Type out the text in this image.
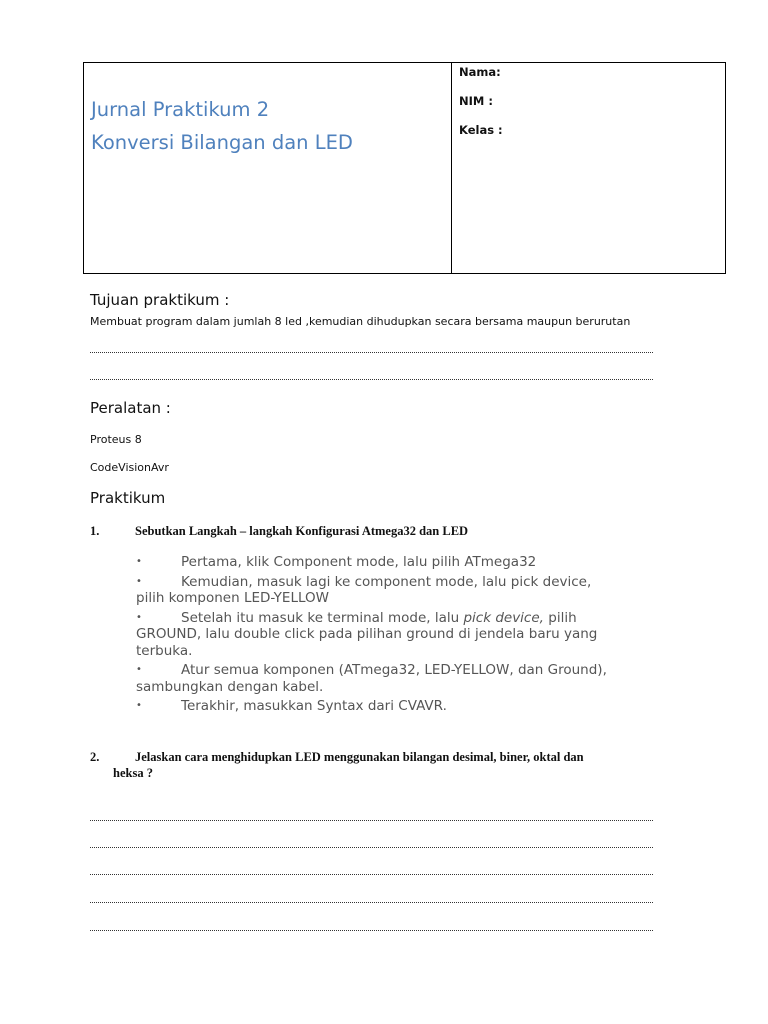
Jurnal Praktikum 2
Konversi Bilangan dan LED
Nama:
NIM :
Kelas :
Tujuan praktikum :
Membuat program dalam jumlah 8 led ,kemudian dihudupkan secara bersama maupun berurutan
Peralatan :
Proteus 8
CodeVisionAvr
Praktikum
1.	Sebutkan Langkah – langkah Konfigurasi Atmega32 dan LED
•	Pertama, klik Component mode, lalu pilih ATmega32
•	Kemudian, masuk lagi ke component mode, lalu pick device,
pilih komponen LED-YELLOW
•	Setelah itu masuk ke terminal mode, lalu pick device, pilih
GROUND, lalu double click pada pilihan ground di jendela baru yang
terbuka.
•	Atur semua komponen (ATmega32, LED-YELLOW, dan Ground),
sambungkan dengan kabel.
•	Terakhir, masukkan Syntax dari CVAVR.
2.	Jelaskan cara menghidupkan LED menggunakan bilangan desimal, biner, oktal dan
heksa ?
